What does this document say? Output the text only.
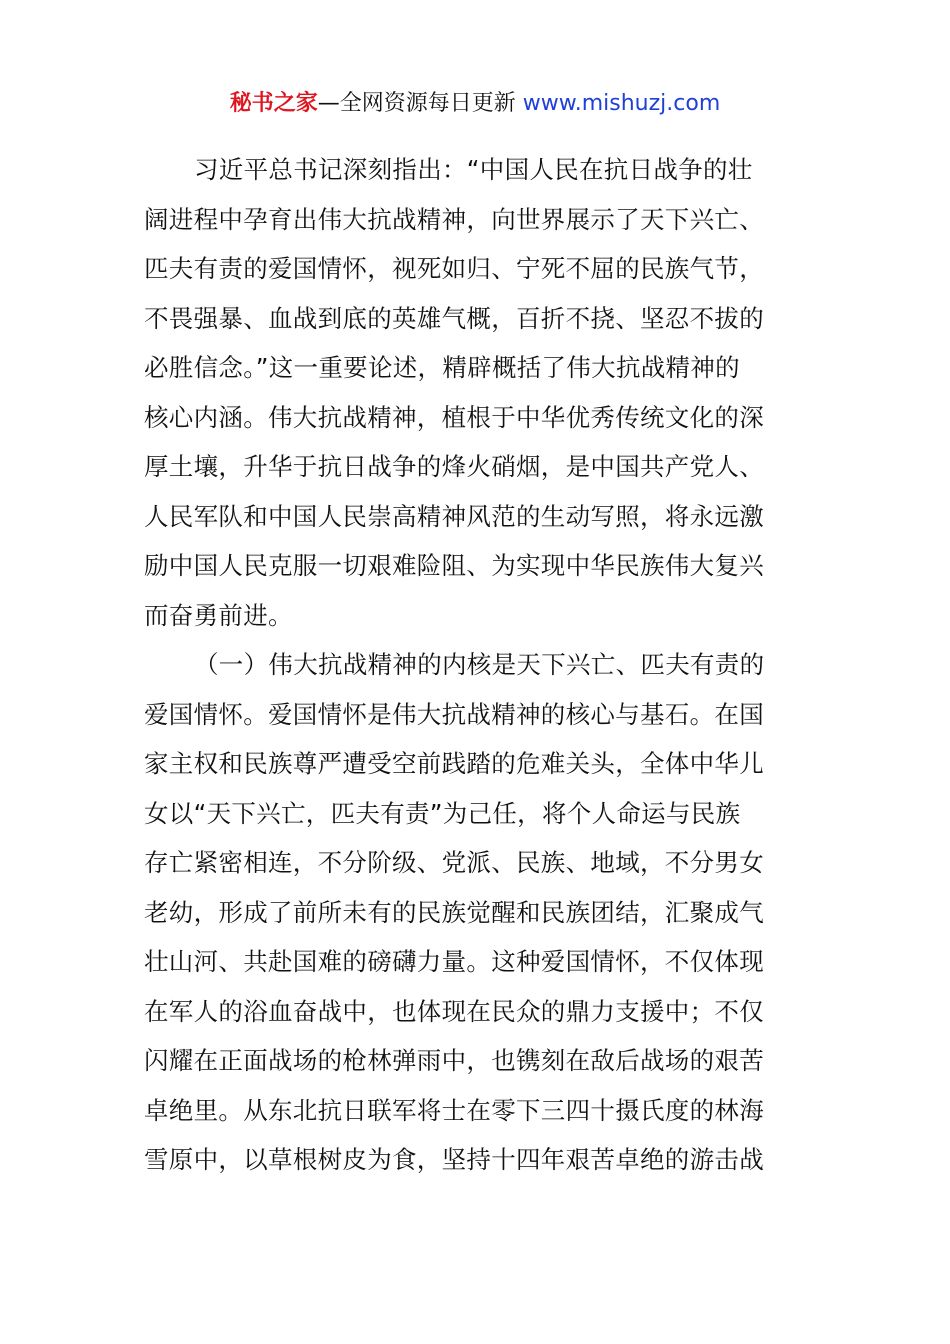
秘书之家—全网资源每日更新 www.mishuzj.com
习近平总书记深刻指出：“中国人民在抗日战争的壮
阔进程中孕育出伟大抗战精神，向世界展示了天下兴亡、
匹夫有责的爱国情怀，视死如归、宁死不屈的民族气节，
不畏强暴、血战到底的英雄气概，百折不挠、坚忍不拔的
必胜信念。”这一重要论述，精辟概括了伟大抗战精神的
核心内涵。伟大抗战精神，植根于中华优秀传统文化的深
厚土壤，升华于抗日战争的烽火硝烟，是中国共产党人、
人民军队和中国人民崇高精神风范的生动写照，将永远激
励中国人民克服一切艰难险阻、为实现中华民族伟大复兴
而奋勇前进。
（一）伟大抗战精神的内核是天下兴亡、匹夫有责的
爱国情怀。爱国情怀是伟大抗战精神的核心与基石。在国
家主权和民族尊严遭受空前践踏的危难关头，全体中华儿
女以“天下兴亡，匹夫有责”为己任，将个人命运与民族
存亡紧密相连，不分阶级、党派、民族、地域，不分男女
老幼，形成了前所未有的民族觉醒和民族团结，汇聚成气
壮山河、共赴国难的磅礴力量。这种爱国情怀，不仅体现
在军人的浴血奋战中，也体现在民众的鼎力支援中；不仅
闪耀在正面战场的枪林弹雨中，也镌刻在敌后战场的艰苦
卓绝里。从东北抗日联军将士在零下三四十摄氏度的林海
雪原中，以草根树皮为食，坚持十四年艰苦卓绝的游击战
